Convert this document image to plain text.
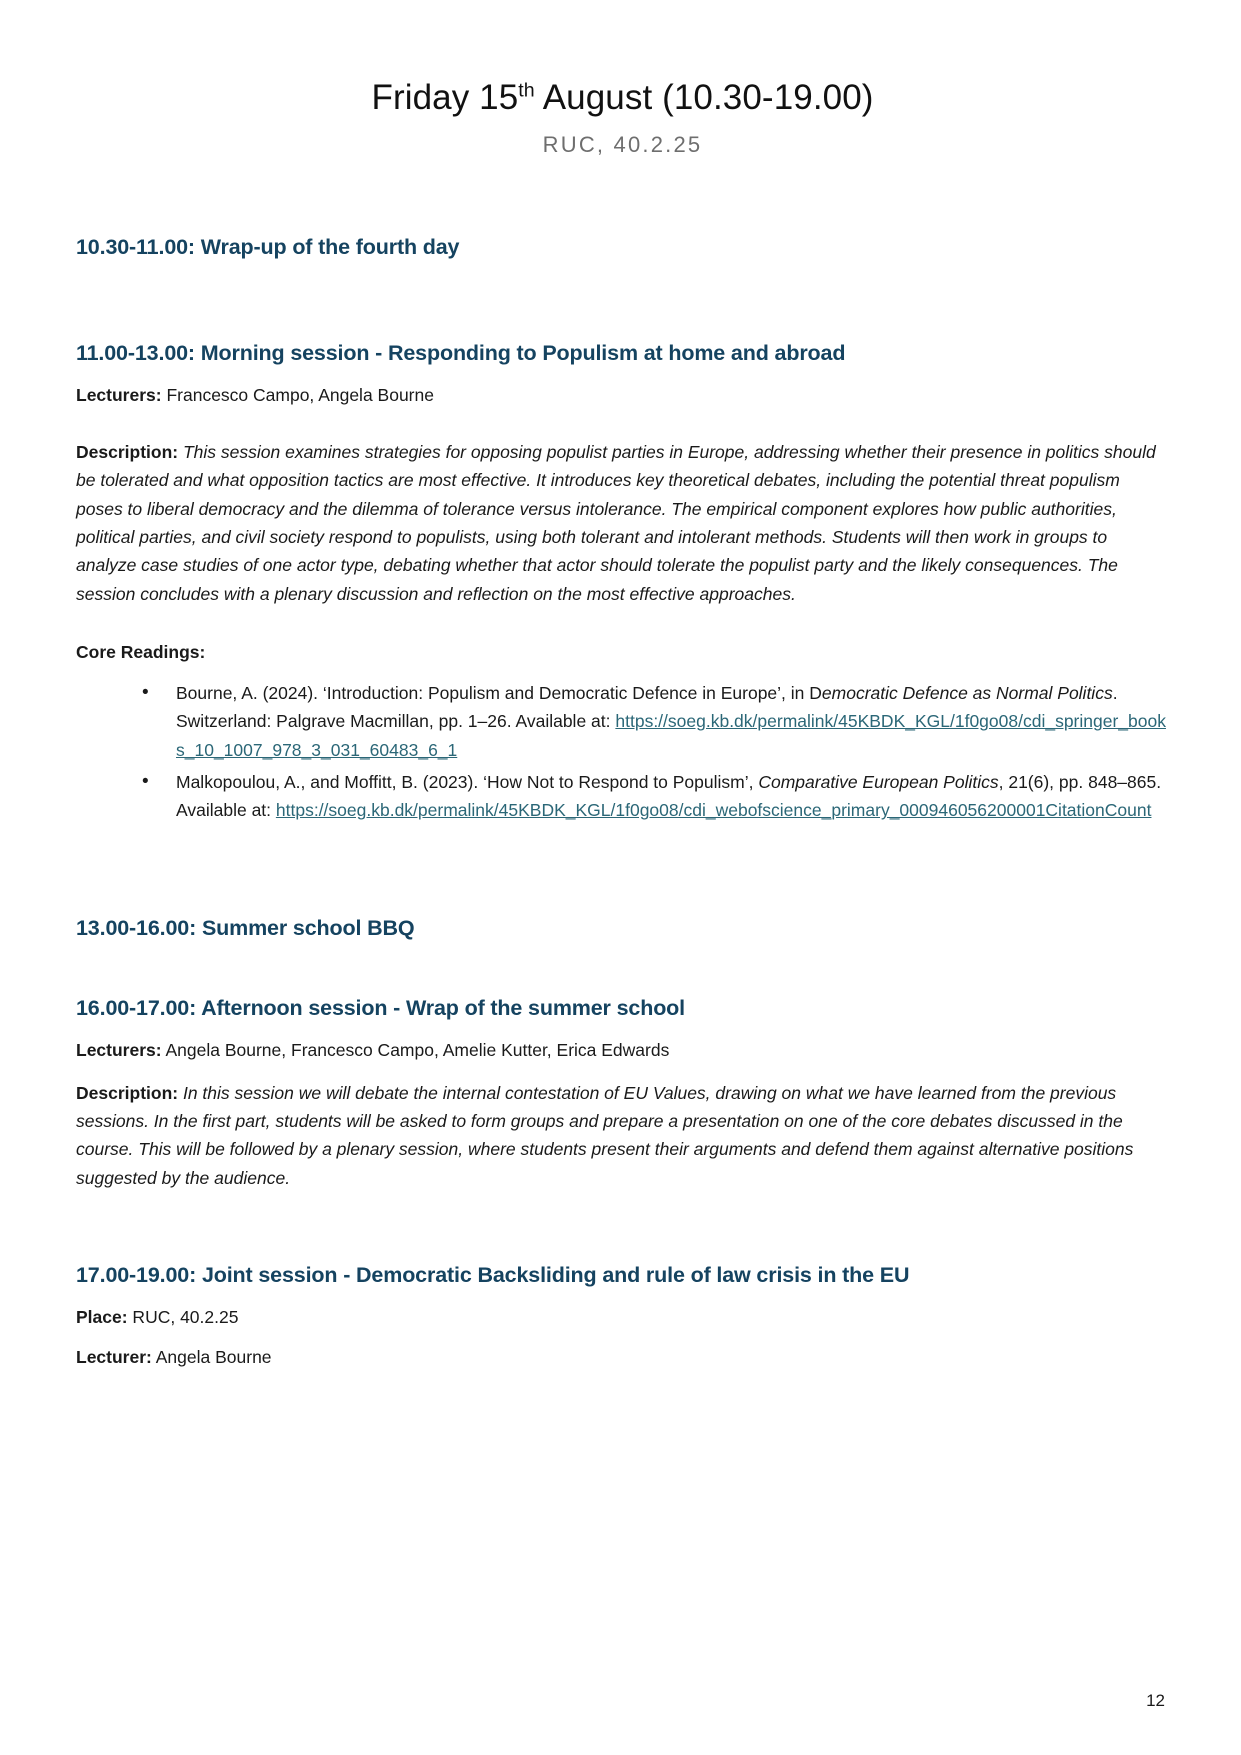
Friday 15th August (10.30-19.00)
RUC, 40.2.25
10.30-11.00: Wrap-up of the fourth day
11.00-13.00: Morning session - Responding to Populism at home and abroad
Lecturers: Francesco Campo, Angela Bourne
Description: This session examines strategies for opposing populist parties in Europe, addressing whether their presence in politics should be tolerated and what opposition tactics are most effective. It introduces key theoretical debates, including the potential threat populism poses to liberal democracy and the dilemma of tolerance versus intolerance. The empirical component explores how public authorities, political parties, and civil society respond to populists, using both tolerant and intolerant methods. Students will then work in groups to analyze case studies of one actor type, debating whether that actor should tolerate the populist party and the likely consequences. The session concludes with a plenary discussion and reflection on the most effective approaches.
Core Readings:
• Bourne, A. (2024). ‘Introduction: Populism and Democratic Defence in Europe’, in Democratic Defence as Normal Politics. Switzerland: Palgrave Macmillan, pp. 1–26. Available at: https://soeg.kb.dk/permalink/45KBDK_KGL/1f0go08/cdi_springer_books_10_1007_978_3_031_60483_6_1
• Malkopoulou, A., and Moffitt, B. (2023). ‘How Not to Respond to Populism’, Comparative European Politics, 21(6), pp. 848–865. Available at: https://soeg.kb.dk/permalink/45KBDK_KGL/1f0go08/cdi_webofscience_primary_000946056200001CitationCount
13.00-16.00: Summer school BBQ
16.00-17.00: Afternoon session - Wrap of the summer school
Lecturers: Angela Bourne, Francesco Campo, Amelie Kutter, Erica Edwards
Description: In this session we will debate the internal contestation of EU Values, drawing on what we have learned from the previous sessions. In the first part, students will be asked to form groups and prepare a presentation on one of the core debates discussed in the course. This will be followed by a plenary session, where students present their arguments and defend them against alternative positions suggested by the audience.
17.00-19.00: Joint session - Democratic Backsliding and rule of law crisis in the EU
Place: RUC, 40.2.25
Lecturer: Angela Bourne
12
